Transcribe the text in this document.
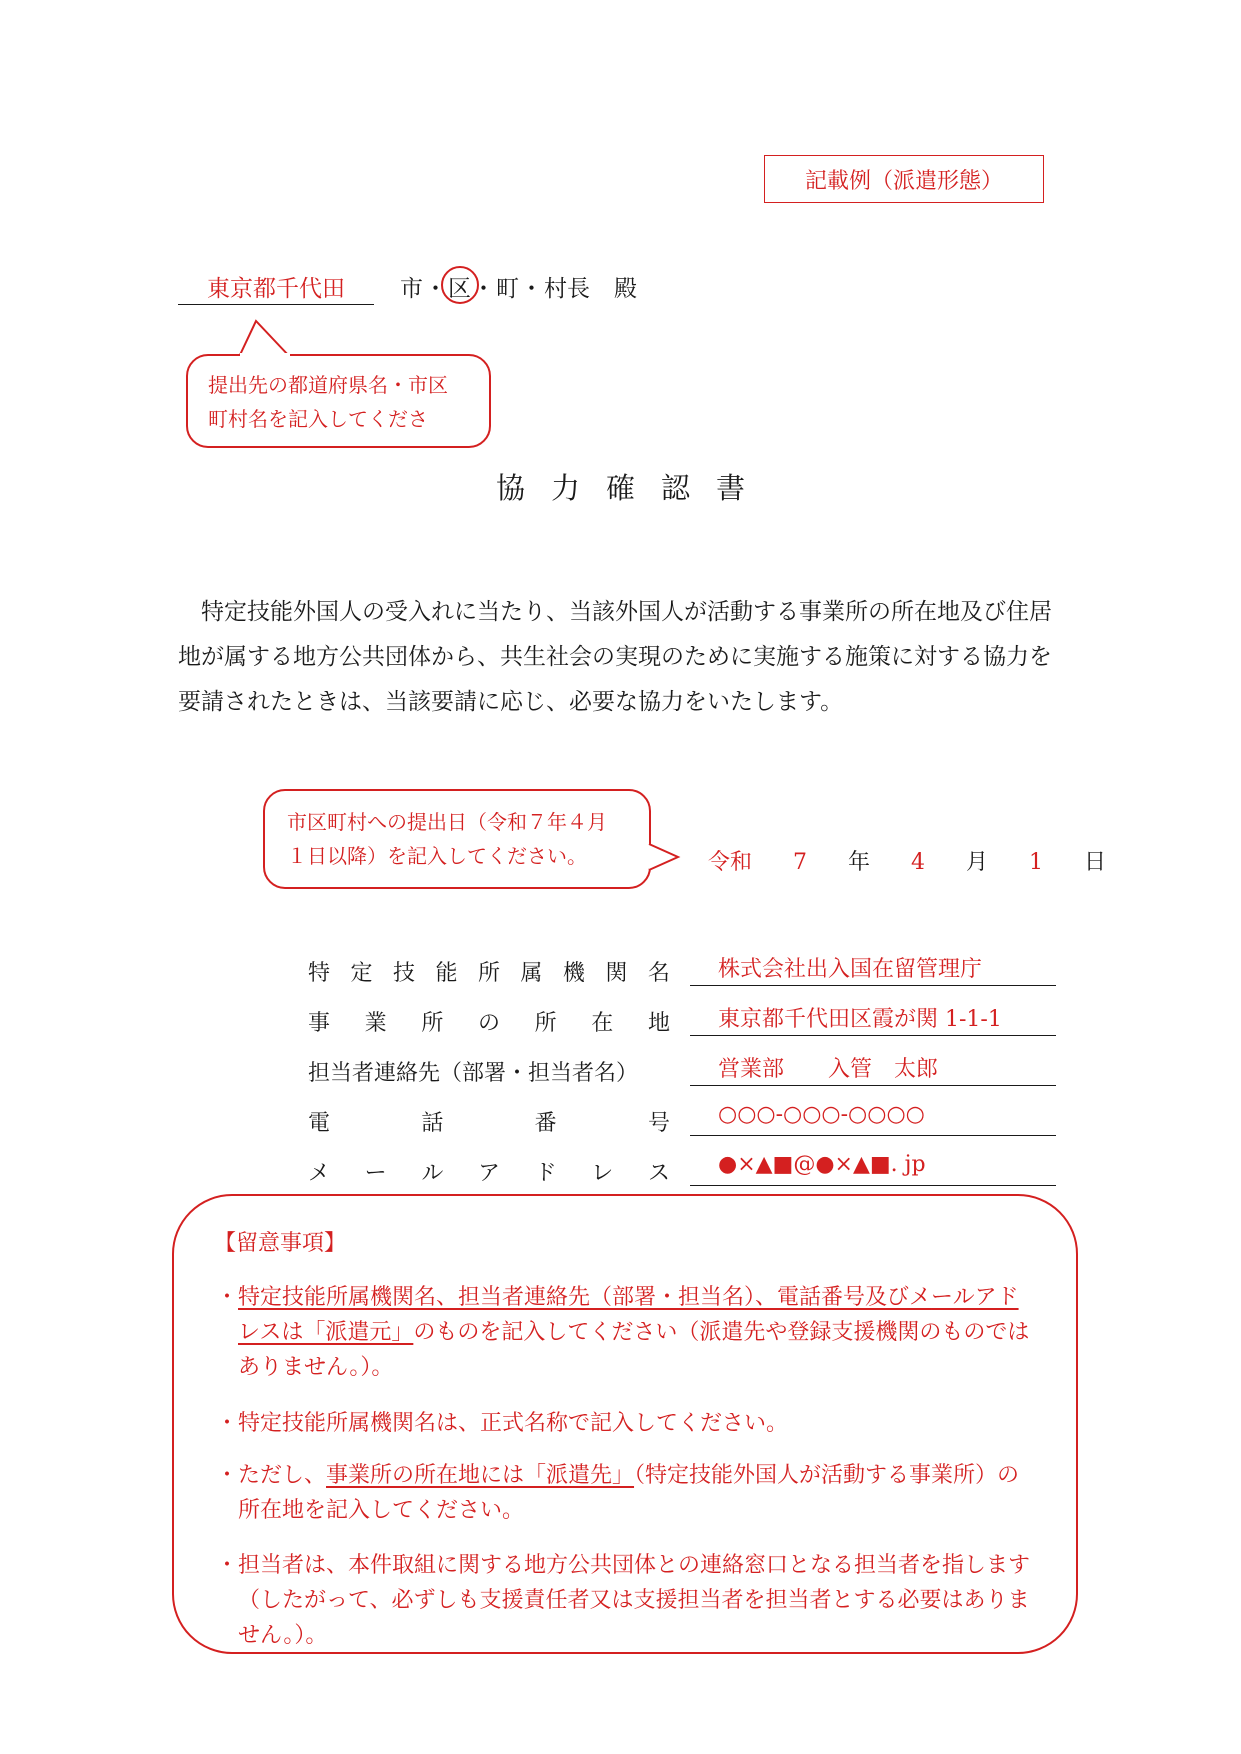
記載例（派遣形態）
東京都千代田	市・区・町・村長 殿
提出先の都道府県名・市区
町村名を記入してくださ
協力確認書
特定技能外国人の受入れに当たり、当該外国人が活動する事業所の所在地及び住居地が属する地方公共団体から、共生社会の実現のために実施する施策に対する協力を要請されたときは、当該要請に応じ、必要な協力をいたします。
市区町村への提出日（令和７年４月
１日以降）を記入してください。	令和 7 年 4 月 1 日
特 定 技 能 所 属 機 関 名	株式会社出入国在留管理庁
事 業 所 の 所 在 地	東京都千代田区霞が関 1-1-1
担当者連絡先（部署・担当者名）	営業部　　入管　太郎
電	話	番	号	○○○-○○○-○○○○
メ ー ル ア ド レ ス	●×▲■@●×▲■. jp
【留意事項】
・ 特定技能所属機関名、担当者連絡先（部署・担当名）、電話番号及びメールアドレスは「派遣元」のものを記入してください（派遣先や登録支援機関のものではありません。）。
・ 特定技能所属機関名は、正式名称で記入してください。
・ ただし、事業所の所在地には「派遣先」（特定技能外国人が活動する事業所）の所在地を記入してください。
・ 担当者は、本件取組に関する地方公共団体との連絡窓口となる担当者を指します（したがって、必ずしも支援責任者又は支援担当者を担当者とする必要はありません。）。
